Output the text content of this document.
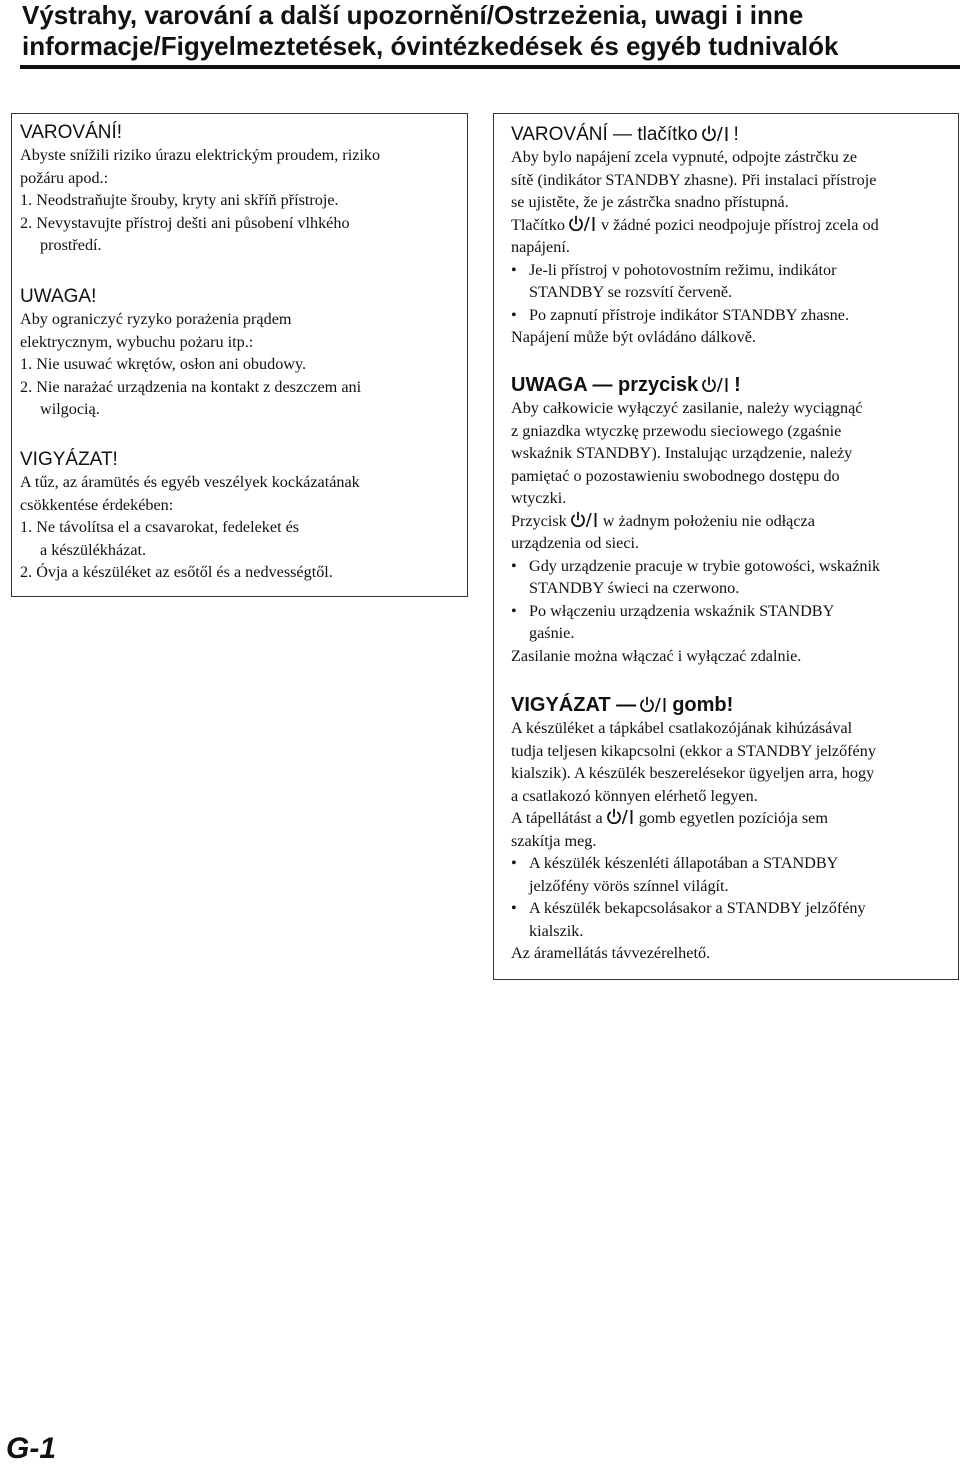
Výstrahy, varování a další upozornění/Ostrzeżenia, uwagi i inne
informacje/Figyelmeztetések, óvintézkedések és egyéb tudnivalók
VAROVÁNÍ!
Abyste snížili riziko úrazu elektrickým proudem, riziko
požáru apod.:
1. Neodstraňujte šrouby, kryty ani skříň přístroje.
2. Nevystavujte přístroj dešti ani působení vlhkého
prostředí.
UWAGA!
Aby ograniczyć ryzyko porażenia prądem
elektrycznym, wybuchu pożaru itp.:
1. Nie usuwać wkrętów, osłon ani obudowy.
2. Nie narażać urządzenia na kontakt z deszczem ani
wilgocią.
VIGYÁZAT!
A tűz, az áramütés és egyéb veszélyek kockázatának
csökkentése érdekében:
1. Ne távolítsa el a csavarokat, fedeleket és
a készülékházat.
2. Óvja a készüléket az esőtől és a nedvességtől.
VAROVÁNÍ — tlačítko !
Aby bylo napájení zcela vypnuté, odpojte zástrčku ze
sítě (indikátor STANDBY zhasne). Při instalaci přístroje
se ujistěte, že je zástrčka snadno přístupná.
Tlačítko v žádné pozici neodpojuje přístroj zcela od
napájení.
• Je-li přístroj v pohotovostním režimu, indikátor
STANDBY se rozsvítí červeně.
• Po zapnutí přístroje indikátor STANDBY zhasne.
Napájení může být ovládáno dálkově.
UWAGA — przycisk !
Aby całkowicie wyłączyć zasilanie, należy wyciągnąć
z gniazdka wtyczkę przewodu sieciowego (zgaśnie
wskaźnik STANDBY). Instalując urządzenie, należy
pamiętać o pozostawieniu swobodnego dostępu do
wtyczki.
Przycisk w żadnym położeniu nie odłącza
urządzenia od sieci.
• Gdy urządzenie pracuje w trybie gotowości, wskaźnik
STANDBY świeci na czerwono.
• Po włączeniu urządzenia wskaźnik STANDBY
gaśnie.
Zasilanie można włączać i wyłączać zdalnie.
VIGYÁZAT — gomb!
A készüléket a tápkábel csatlakozójának kihúzásával
tudja teljesen kikapcsolni (ekkor a STANDBY jelzőfény
kialszik). A készülék beszerelésekor ügyeljen arra, hogy
a csatlakozó könnyen elérhető legyen.
A tápellátást a gomb egyetlen pozíciója sem
szakítja meg.
• A készülék készenléti állapotában a STANDBY
jelzőfény vörös színnel világít.
• A készülék bekapcsolásakor a STANDBY jelzőfény
kialszik.
Az áramellátás távvezérelhető.
G-1
